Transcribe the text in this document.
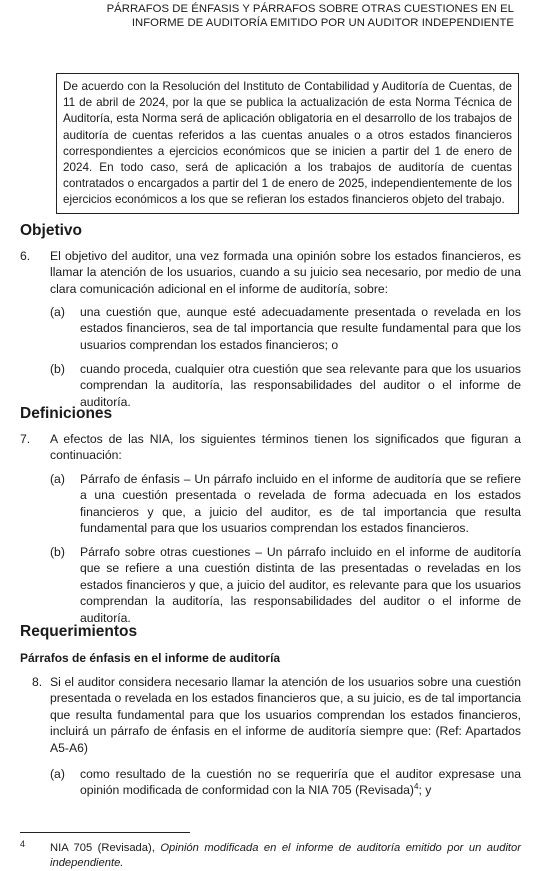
PÁRRAFOS DE ÉNFASIS Y PÁRRAFOS SOBRE OTRAS CUESTIONES EN EL
INFORME DE AUDITORÍA EMITIDO POR UN AUDITOR INDEPENDIENTE
De acuerdo con la Resolución del Instituto de Contabilidad y Auditoría de Cuentas, de 11 de abril de 2024, por la que se publica la actualización de esta Norma Técnica de Auditoría, esta Norma será de aplicación obligatoria en el desarrollo de los trabajos de auditoría de cuentas referidos a las cuentas anuales o a otros estados financieros correspondientes a ejercicios económicos que se inicien a partir del 1 de enero de 2024. En todo caso, será de aplicación a los trabajos de auditoría de cuentas contratados o encargados a partir del 1 de enero de 2025, independientemente de los ejercicios económicos a los que se refieran los estados financieros objeto del trabajo.
Objetivo
6. El objetivo del auditor, una vez formada una opinión sobre los estados financieros, es llamar la atención de los usuarios, cuando a su juicio sea necesario, por medio de una clara comunicación adicional en el informe de auditoría, sobre:
(a) una cuestión que, aunque esté adecuadamente presentada o revelada en los estados financieros, sea de tal importancia que resulte fundamental para que los usuarios comprendan los estados financieros; o
(b) cuando proceda, cualquier otra cuestión que sea relevante para que los usuarios comprendan la auditoría, las responsabilidades del auditor o el informe de auditoría.
Definiciones
7. A efectos de las NIA, los siguientes términos tienen los significados que figuran a continuación:
(a) Párrafo de énfasis – Un párrafo incluido en el informe de auditoría que se refiere a una cuestión presentada o revelada de forma adecuada en los estados financieros y que, a juicio del auditor, es de tal importancia que resulta fundamental para que los usuarios comprendan los estados financieros.
(b) Párrafo sobre otras cuestiones – Un párrafo incluido en el informe de auditoría que se refiere a una cuestión distinta de las presentadas o reveladas en los estados financieros y que, a juicio del auditor, es relevante para que los usuarios comprendan la auditoría, las responsabilidades del auditor o el informe de auditoría.
Requerimientos
Párrafos de énfasis en el informe de auditoría
8. Si el auditor considera necesario llamar la atención de los usuarios sobre una cuestión presentada o revelada en los estados financieros que, a su juicio, es de tal importancia que resulta fundamental para que los usuarios comprendan los estados financieros, incluirá un párrafo de énfasis en el informe de auditoría siempre que: (Ref: Apartados A5-A6)
(a) como resultado de la cuestión no se requeriría que el auditor expresase una opinión modificada de conformidad con la NIA 705 (Revisada)$^4$; y
4 NIA 705 (Revisada), Opinión modificada en el informe de auditoría emitido por un auditor independiente.
